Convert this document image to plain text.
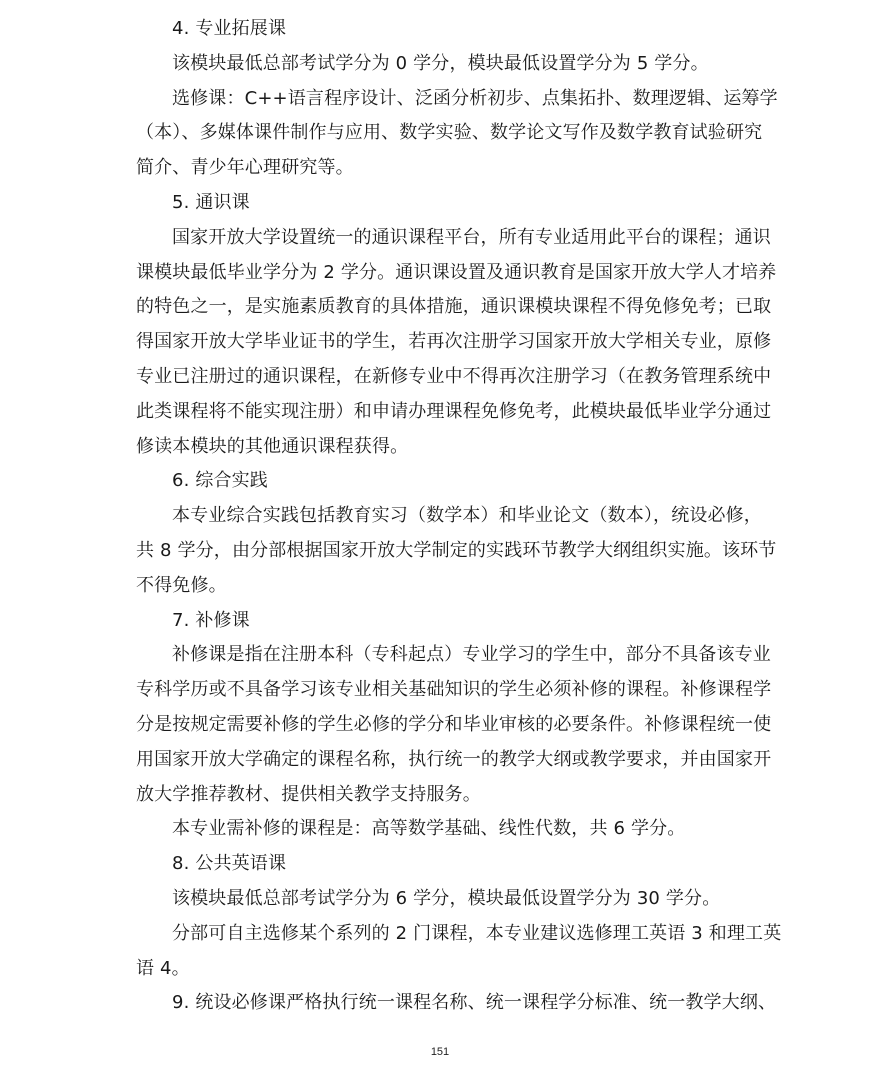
4. 专业拓展课
该模块最低总部考试学分为 0 学分，模块最低设置学分为 5 学分。
选修课：C++语言程序设计、泛函分析初步、点集拓扑、数理逻辑、运筹学
（本）、多媒体课件制作与应用、数学实验、数学论文写作及数学教育试验研究
简介、青少年心理研究等。
5. 通识课
国家开放大学设置统一的通识课程平台，所有专业适用此平台的课程；通识
课模块最低毕业学分为 2 学分。通识课设置及通识教育是国家开放大学人才培养
的特色之一，是实施素质教育的具体措施，通识课模块课程不得免修免考；已取
得国家开放大学毕业证书的学生，若再次注册学习国家开放大学相关专业，原修
专业已注册过的通识课程，在新修专业中不得再次注册学习（在教务管理系统中
此类课程将不能实现注册）和申请办理课程免修免考，此模块最低毕业学分通过
修读本模块的其他通识课程获得。
6. 综合实践
本专业综合实践包括教育实习（数学本）和毕业论文（数本），统设必修，
共 8 学分，由分部根据国家开放大学制定的实践环节教学大纲组织实施。该环节
不得免修。
7. 补修课
补修课是指在注册本科（专科起点）专业学习的学生中，部分不具备该专业
专科学历或不具备学习该专业相关基础知识的学生必须补修的课程。补修课程学
分是按规定需要补修的学生必修的学分和毕业审核的必要条件。补修课程统一使
用国家开放大学确定的课程名称，执行统一的教学大纲或教学要求，并由国家开
放大学推荐教材、提供相关教学支持服务。
本专业需补修的课程是：高等数学基础、线性代数，共 6 学分。
8. 公共英语课
该模块最低总部考试学分为 6 学分，模块最低设置学分为 30 学分。
分部可自主选修某个系列的 2 门课程，本专业建议选修理工英语 3 和理工英
语 4。
9. 统设必修课严格执行统一课程名称、统一课程学分标准、统一教学大纲、
151
